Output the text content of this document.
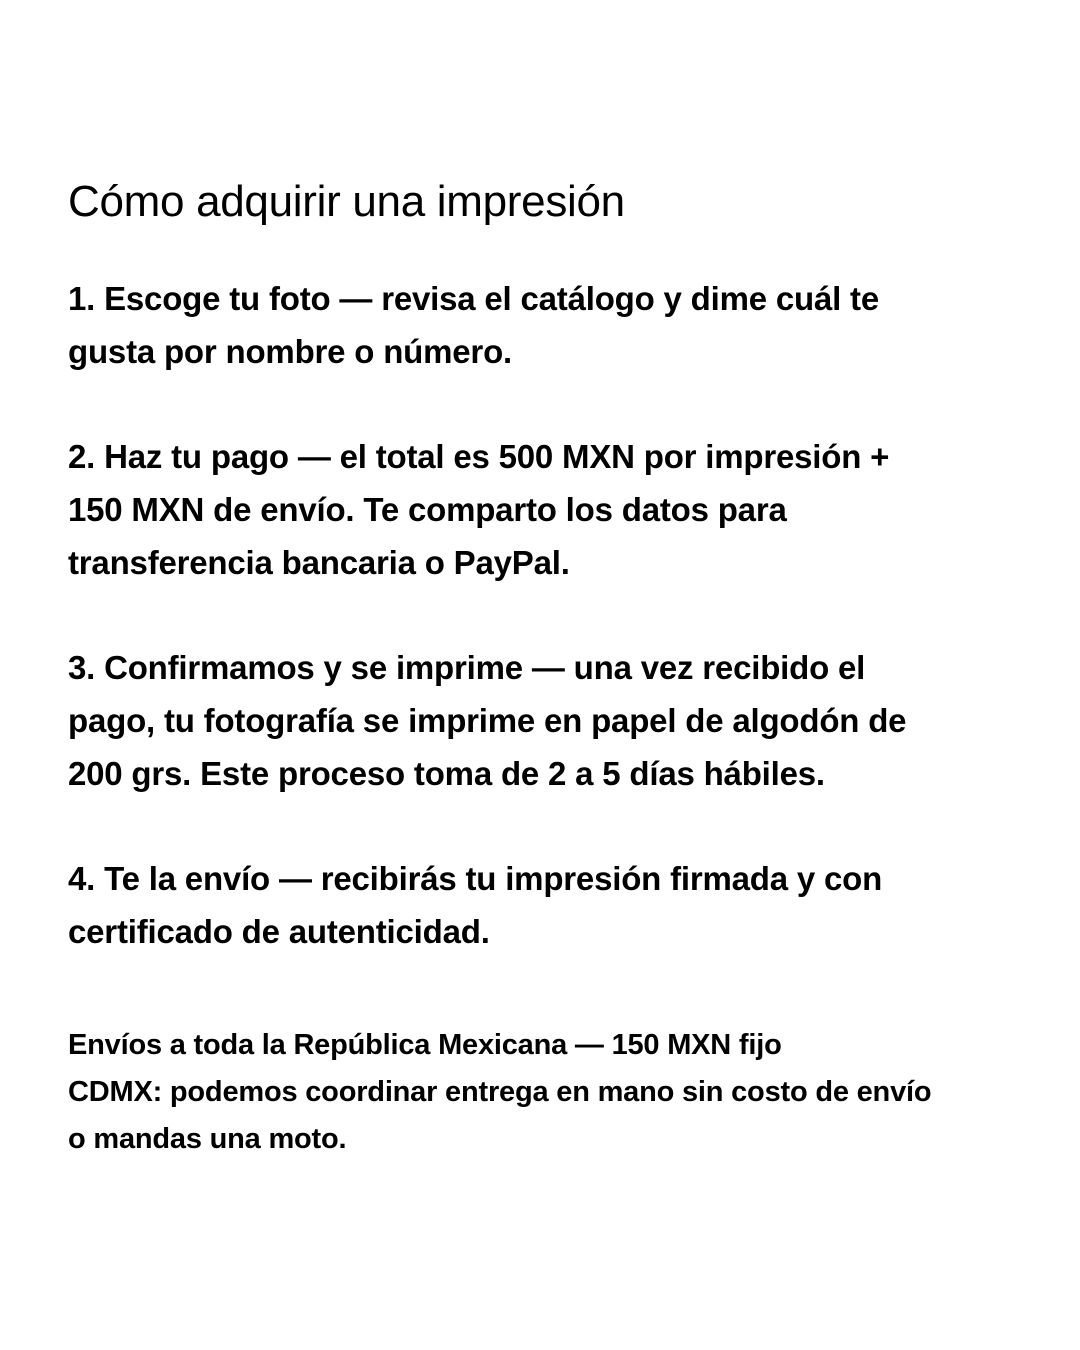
Cómo adquirir una impresión

1. Escoge tu foto — revisa el catálogo y dime cuál te
gusta por nombre o número.

2. Haz tu pago — el total es 500 MXN por impresión +
150 MXN de envío. Te comparto los datos para
transferencia bancaria o PayPal.

3. Confirmamos y se imprime — una vez recibido el
pago, tu fotografía se imprime en papel de algodón de
200 grs. Este proceso toma de 2 a 5 días hábiles.

4. Te la envío — recibirás tu impresión firmada y con
certificado de autenticidad.

Envíos a toda la República Mexicana — 150 MXN fijo

CDMX: podemos coordinar entrega en mano sin costo de envío
o mandas una moto.
